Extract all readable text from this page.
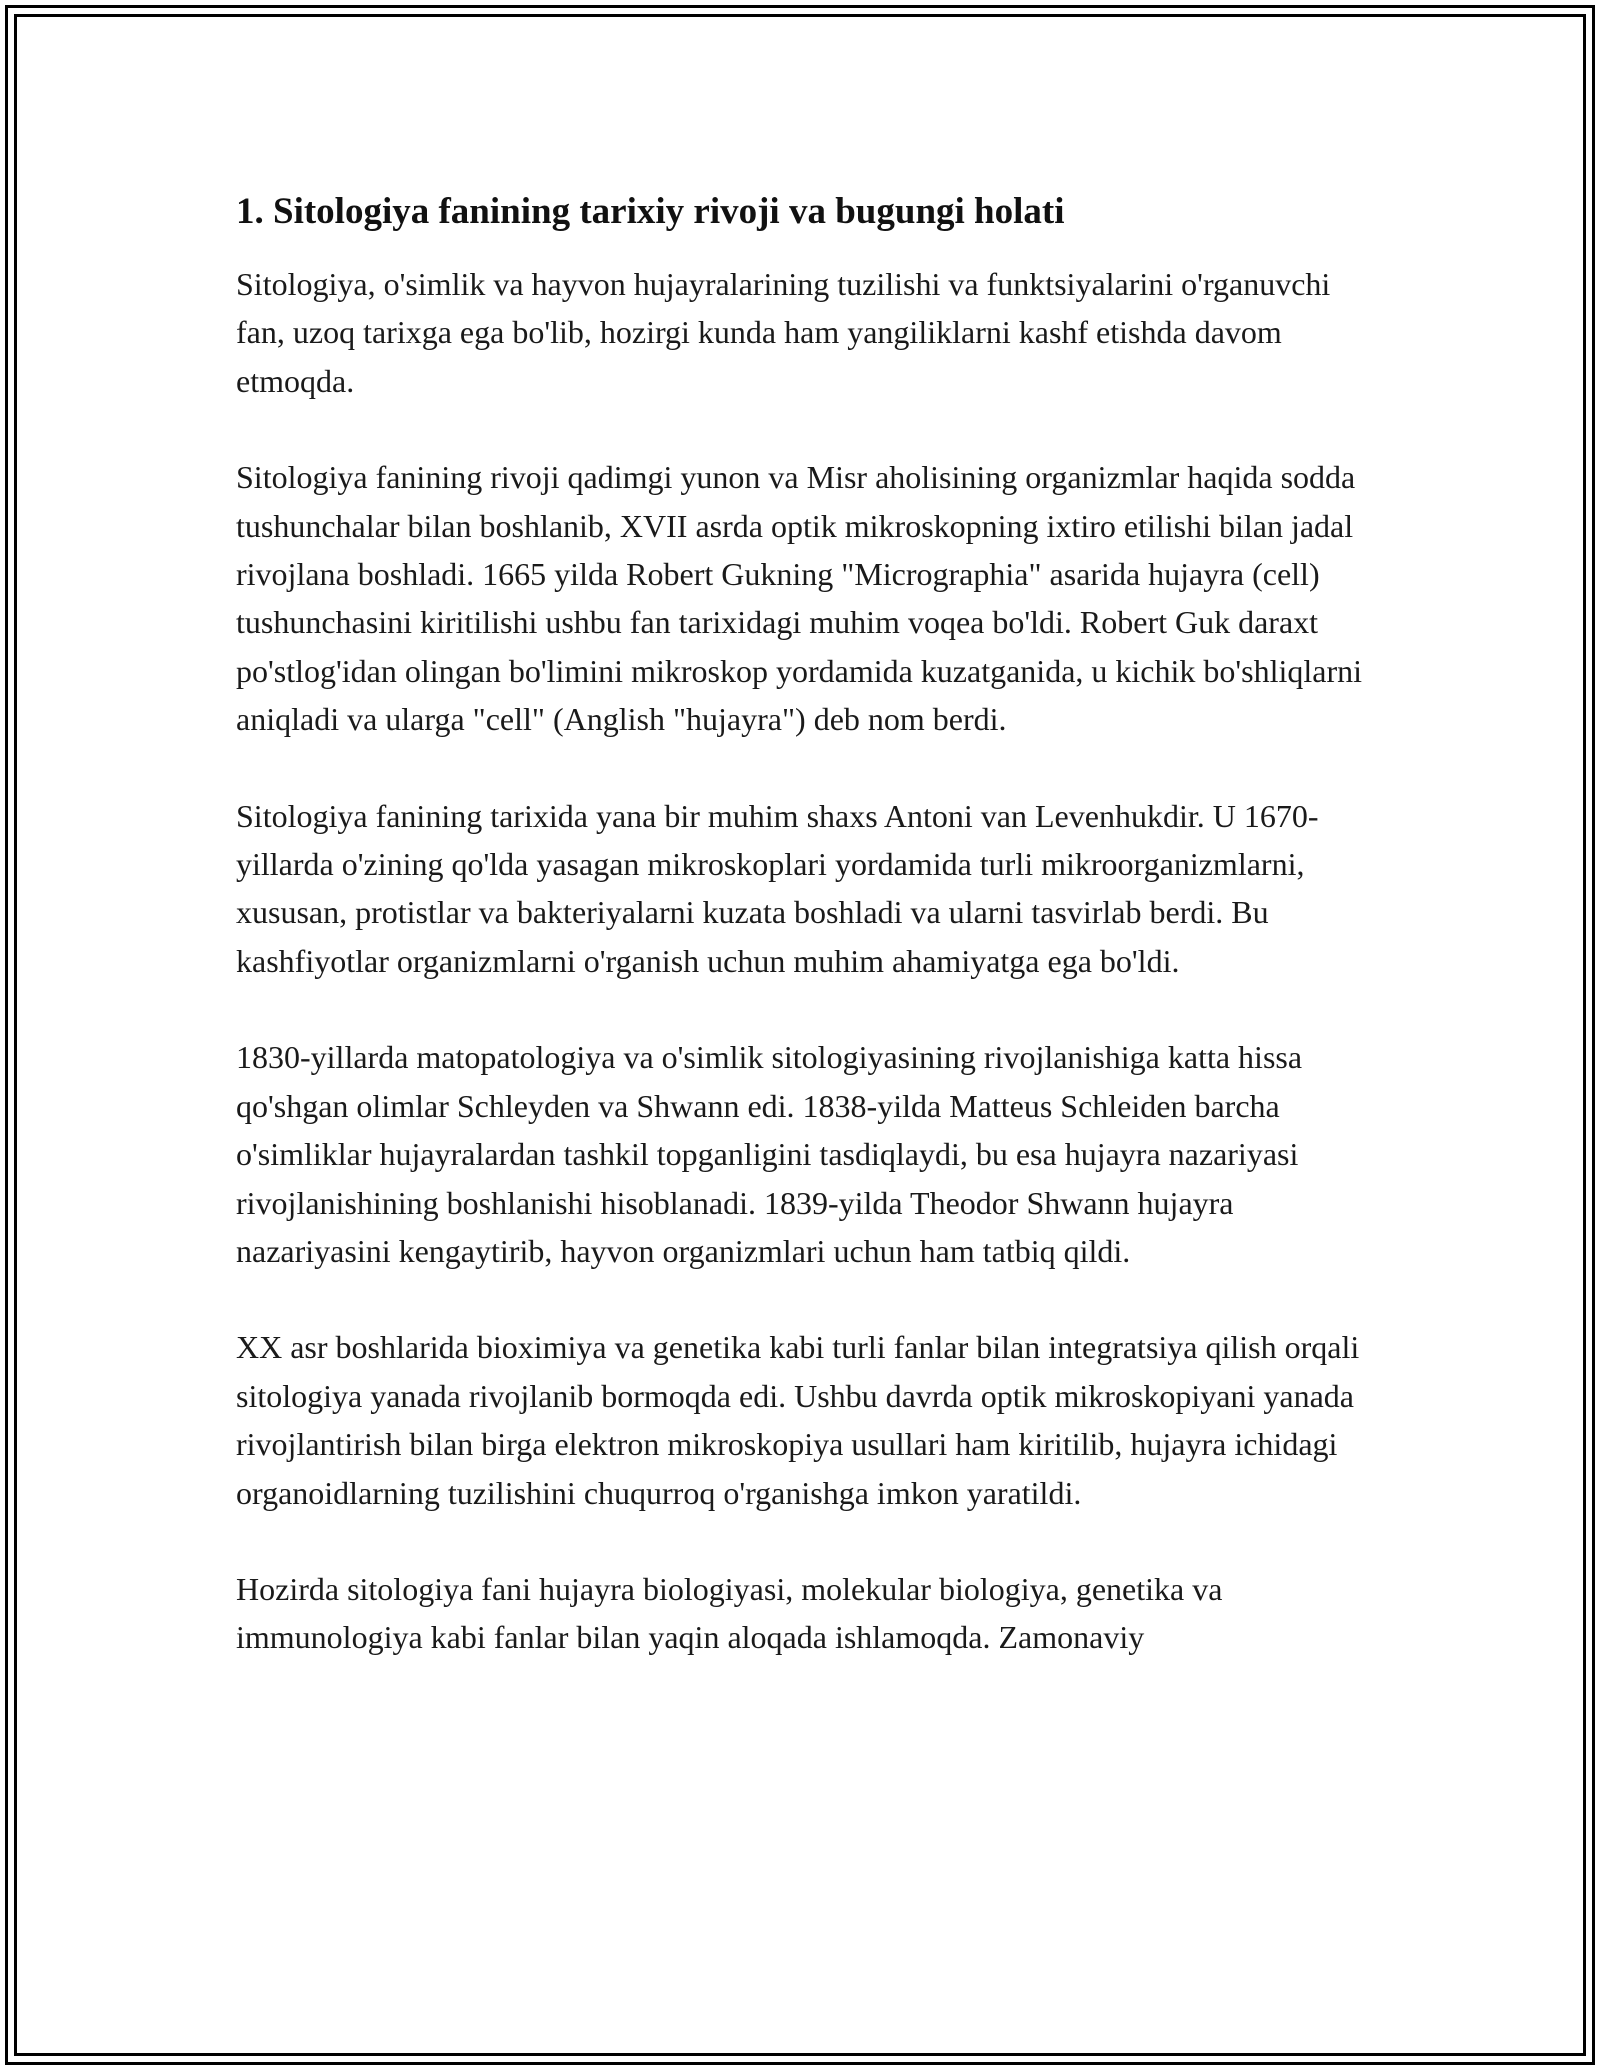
1. Sitologiya fanining tarixiy rivoji va bugungi holati

Sitologiya, o'simlik va hayvon hujayralarining tuzilishi va funktsiyalarini o'rganuvchi fan, uzoq tarixga ega bo'lib, hozirgi kunda ham yangiliklarni kashf etishda davom etmoqda.

Sitologiya fanining rivoji qadimgi yunon va Misr aholisining organizmlar haqida sodda tushunchalar bilan boshlanib, XVII asrda optik mikroskopning ixtiro etilishi bilan jadal rivojlana boshladi. 1665 yilda Robert Gukning "Micrographia" asarida hujayra (cell) tushunchasini kiritilishi ushbu fan tarixidagi muhim voqea bo'ldi. Robert Guk daraxt po'stlog'idan olingan bo'limini mikroskop yordamida kuzatganida, u kichik bo'shliqlarni aniqladi va ularga "cell" (Anglish "hujayra") deb nom berdi.

Sitologiya fanining tarixida yana bir muhim shaxs Antoni van Levenhukdir. U 1670-yillarda o'zining qo'lda yasagan mikroskoplari yordamida turli mikroorganizmlarni, xususan, protistlar va bakteriyalarni kuzata boshladi va ularni tasvirlab berdi. Bu kashfiyotlar organizmlarni o'rganish uchun muhim ahamiyatga ega bo'ldi.

1830-yillarda matopatologiya va o'simlik sitologiyasining rivojlanishiga katta hissa qo'shgan olimlar Schleyden va Shwann edi. 1838-yilda Matteus Schleiden barcha o'simliklar hujayralardan tashkil topganligini tasdiqlaydi, bu esa hujayra nazariyasi rivojlanishining boshlanishi hisoblanadi. 1839-yilda Theodor Shwann hujayra nazariyasini kengaytirib, hayvon organizmlari uchun ham tatbiq qildi.

XX asr boshlarida bioximiya va genetika kabi turli fanlar bilan integratsiya qilish orqali sitologiya yanada rivojlanib bormoqda edi. Ushbu davrda optik mikroskopiyani yanada rivojlantirish bilan birga elektron mikroskopiya usullari ham kiritilib, hujayra ichidagi organoidlarning tuzilishini chuqurroq o'rganishga imkon yaratildi.

Hozirda sitologiya fani hujayra biologiyasi, molekular biologiya, genetika va immunologiya kabi fanlar bilan yaqin aloqada ishlamoqda. Zamonaviy
